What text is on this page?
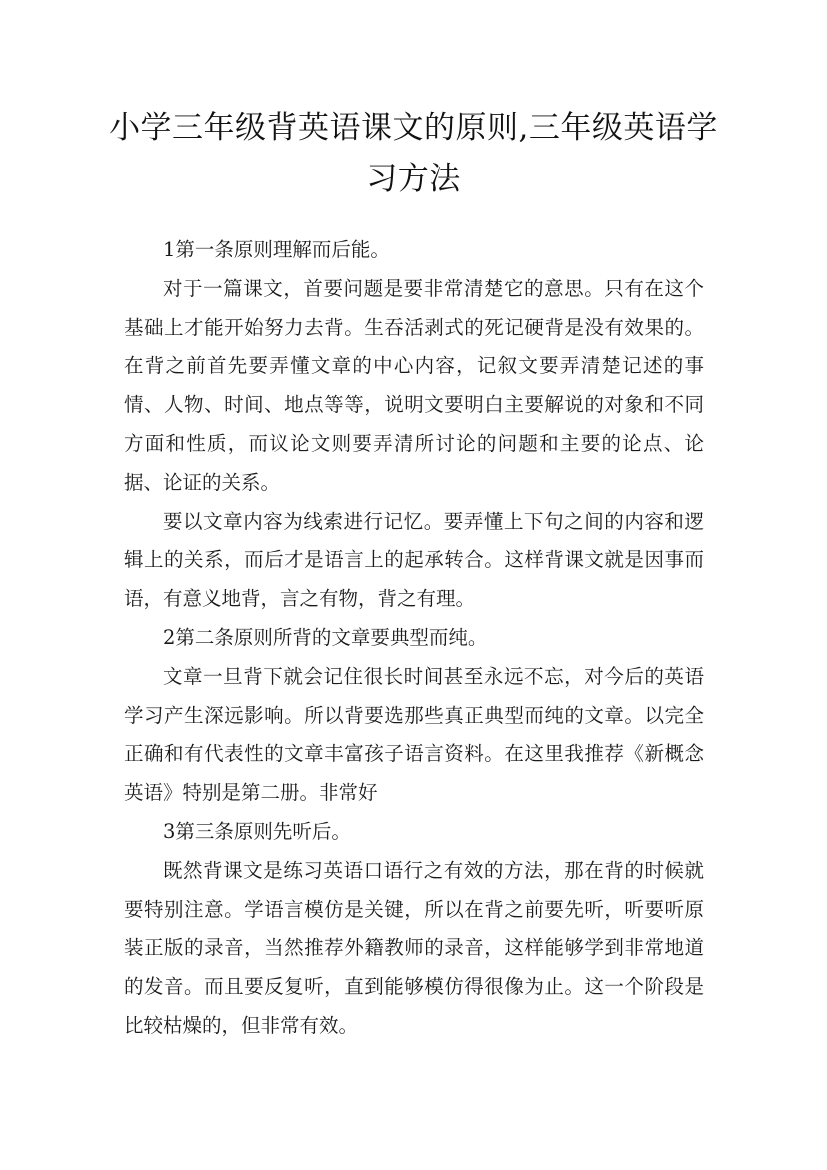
小学三年级背英语课文的原则,三年级英语学习方法

1第一条原则理解而后能。

对于一篇课文，首要问题是要非常清楚它的意思。只有在这个基础上才能开始努力去背。生吞活剥式的死记硬背是没有效果的。在背之前首先要弄懂文章的中心内容，记叙文要弄清楚记述的事情、人物、时间、地点等等，说明文要明白主要解说的对象和不同方面和性质，而议论文则要弄清所讨论的问题和主要的论点、论据、论证的关系。

要以文章内容为线索进行记忆。要弄懂上下句之间的内容和逻辑上的关系，而后才是语言上的起承转合。这样背课文就是因事而语，有意义地背，言之有物，背之有理。

2第二条原则所背的文章要典型而纯。

文章一旦背下就会记住很长时间甚至永远不忘，对今后的英语学习产生深远影响。所以背要选那些真正典型而纯的文章。以完全正确和有代表性的文章丰富孩子语言资料。在这里我推荐《新概念英语》特别是第二册。非常好

3第三条原则先听后。

既然背课文是练习英语口语行之有效的方法，那在背的时候就要特别注意。学语言模仿是关键，所以在背之前要先听，听要听原装正版的录音，当然推荐外籍教师的录音，这样能够学到非常地道的发音。而且要反复听，直到能够模仿得很像为止。这一个阶段是比较枯燥的，但非常有效。
